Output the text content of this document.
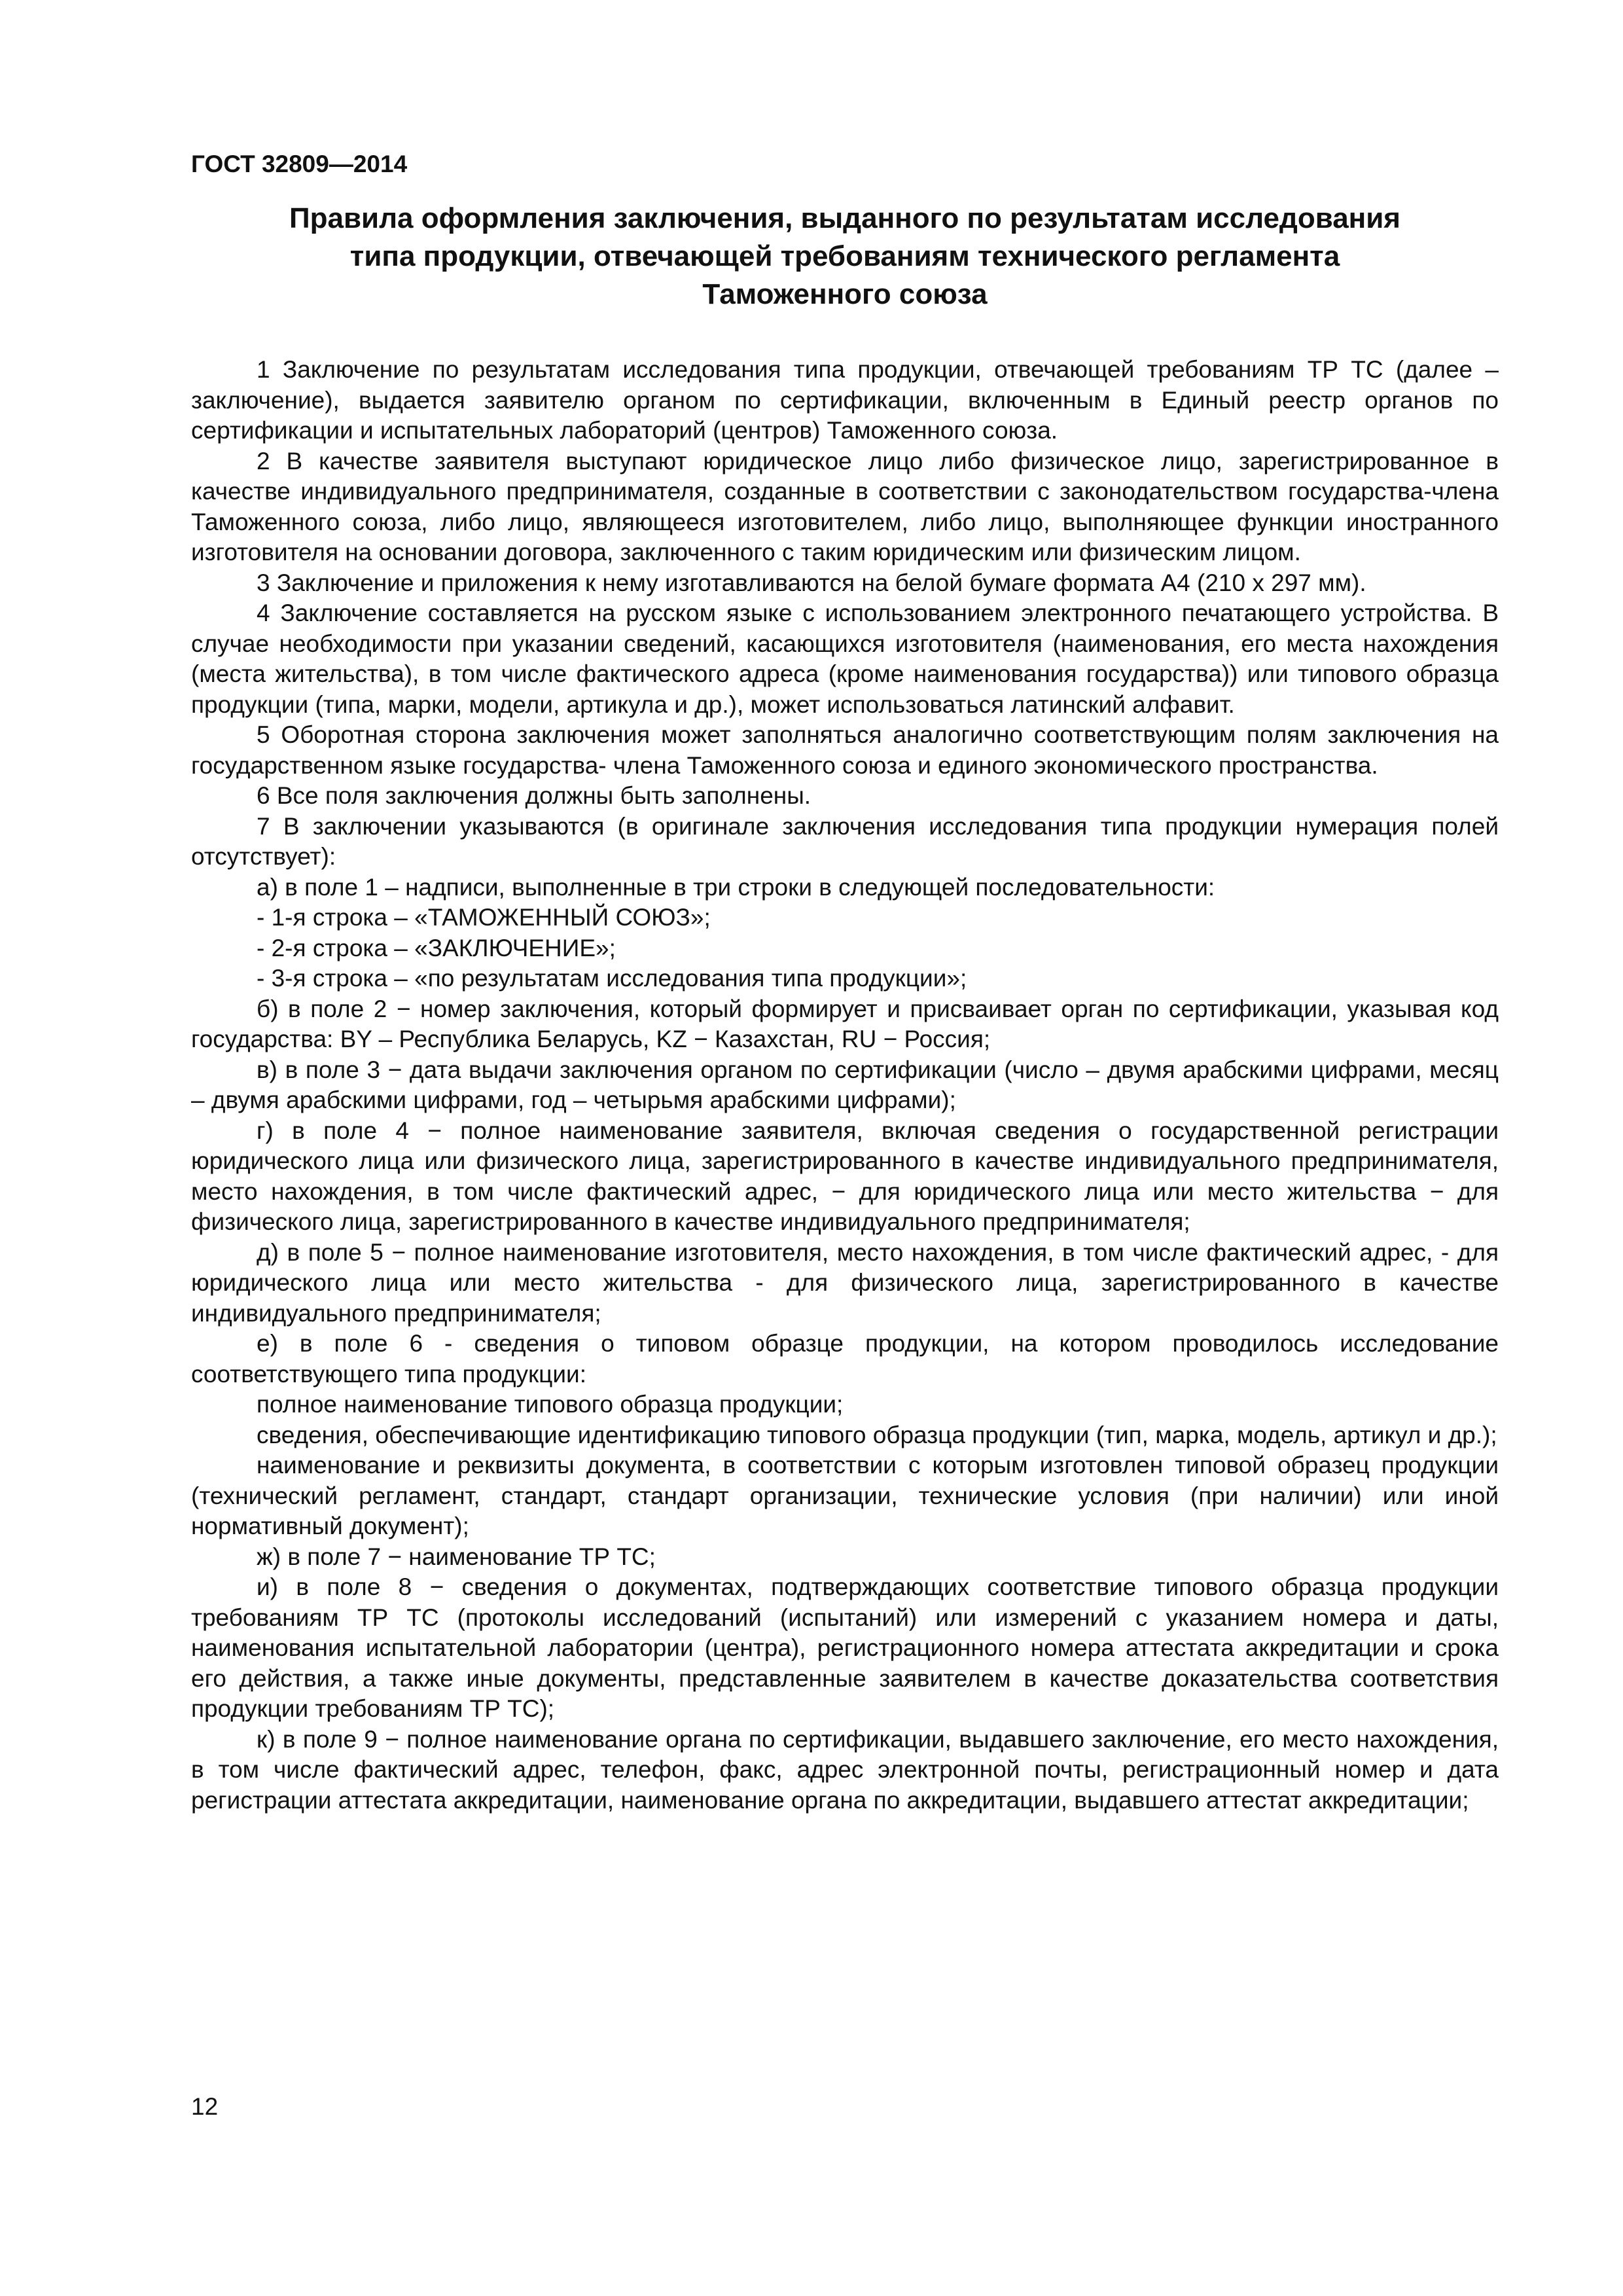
ГОСТ 32809—2014
Правила оформления заключения, выданного по результатам исследования
типа продукции, отвечающей требованиям технического регламента
Таможенного союза

1 Заключение по результатам исследования типа продукции, отвечающей требованиям ТР ТС (далее – заключение), выдается заявителю органом по сертификации, включенным в Единый реестр органов по сертификации и испытательных лабораторий (центров) Таможенного союза.

2 В качестве заявителя выступают юридическое лицо либо физическое лицо, зарегистрированное в качестве индивидуального предпринимателя, созданные в соответствии с законодательством государства-члена Таможенного союза, либо лицо, являющееся изготовителем, либо лицо, выполняющее функции иностранного изготовителя на основании договора, заключенного с таким юридическим или физическим лицом.

3 Заключение и приложения к нему изготавливаются на белой бумаге формата А4 (210 х 297 мм).

4 Заключение составляется на русском языке с использованием электронного печатающего устройства. В случае необходимости при указании сведений, касающихся изготовителя (наименования, его места нахождения (места жительства), в том числе фактического адреса (кроме наименования государства)) или типового образца продукции (типа, марки, модели, артикула и др.), может использоваться латинский алфавит.

5 Оборотная сторона заключения может заполняться аналогично соответствующим полям заключения на государственном языке государства- члена Таможенного союза и единого экономического пространства.

6 Все поля заключения должны быть заполнены.

7 В заключении указываются (в оригинале заключения исследования типа продукции нумерация полей отсутствует):

а) в поле 1 – надписи, выполненные в три строки в следующей последовательности:

- 1-я строка – «ТАМОЖЕННЫЙ СОЮЗ»;

- 2-я строка – «ЗАКЛЮЧЕНИЕ»;

- 3-я строка – «по результатам исследования типа продукции»;

б) в поле 2 − номер заключения, который формирует и присваивает орган по сертификации, указывая код государства: BY – Республика Беларусь, KZ − Казахстан, RU − Россия;

в) в поле 3 − дата выдачи заключения органом по сертификации (число – двумя арабскими цифрами, месяц – двумя арабскими цифрами, год – четырьмя арабскими цифрами);

г) в поле 4 − полное наименование заявителя, включая сведения о государственной регистрации юридического лица или физического лица, зарегистрированного в качестве индивидуального предпринимателя, место нахождения, в том числе фактический адрес, − для юридического лица или место жительства − для физического лица, зарегистрированного в качестве индивидуального предпринимателя;

д) в поле 5 − полное наименование изготовителя, место нахождения, в том числе фактический адрес, - для юридического лица или место жительства - для физического лица, зарегистрированного в качестве индивидуального предпринимателя;

е) в поле 6 - сведения о типовом образце продукции, на котором проводилось исследование соответствующего типа продукции:

полное наименование типового образца продукции;

сведения, обеспечивающие идентификацию типового образца продукции (тип, марка, модель, артикул и др.);

наименование и реквизиты документа, в соответствии с которым изготовлен типовой образец продукции (технический регламент, стандарт, стандарт организации, технические условия (при наличии) или иной нормативный документ);

ж) в поле 7 − наименование ТР ТС;

и) в поле 8 − сведения о документах, подтверждающих соответствие типового образца продукции требованиям ТР ТС (протоколы исследований (испытаний) или измерений с указанием номера и даты, наименования испытательной лаборатории (центра), регистрационного номера аттестата аккредитации и срока его действия, а также иные документы, представленные заявителем в качестве доказательства соответствия продукции требованиям ТР ТС);

к) в поле 9 − полное наименование органа по сертификации, выдавшего заключение, его место нахождения, в том числе фактический адрес, телефон, факс, адрес электронной почты, регистрационный номер и дата регистрации аттестата аккредитации, наименование органа по аккредитации, выдавшего аттестат аккредитации;

12
